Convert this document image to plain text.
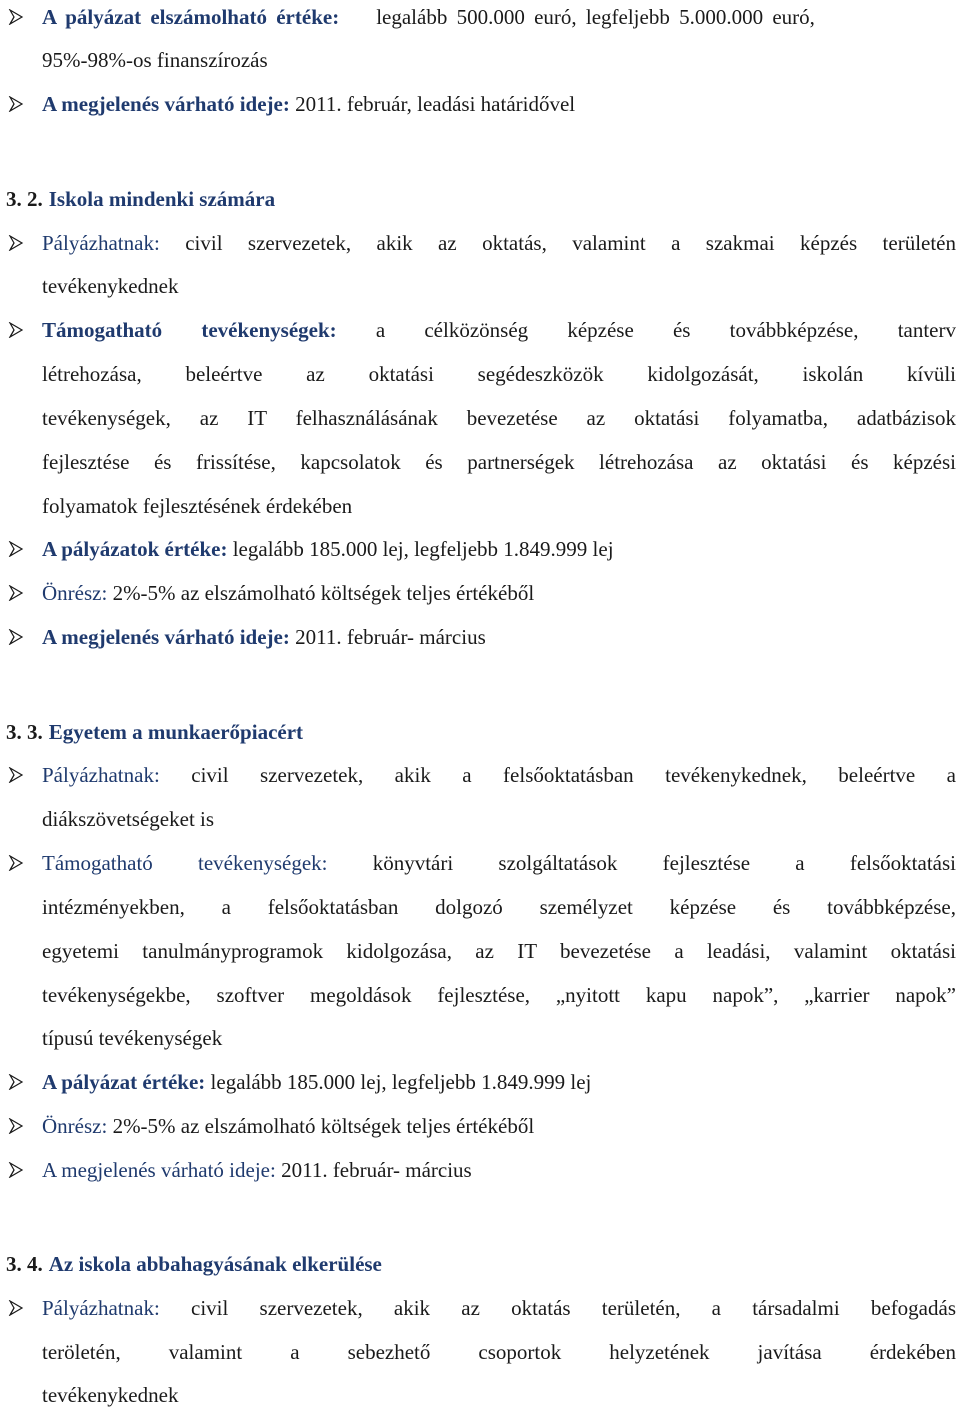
A pályázat elszámolható értéke: legalább 500.000 euró, legfeljebb 5.000.000 euró,
95%-98%-os finanszírozás
A megjelenés várható ideje: 2011. február, leadási határidővel
3. 2. Iskola mindenki számára
Pályázhatnak: civil szervezetek, akik az oktatás, valamint a szakmai képzés területén
tevékenykednek
Támogatható tevékenységek: a célközönség képzése és továbbképzése, tanterv
létrehozása, beleértve az oktatási segédeszközök kidolgozását, iskolán kívüli
tevékenységek, az IT felhasználásának bevezetése az oktatási folyamatba, adatbázisok
fejlesztése és frissítése, kapcsolatok és partnerségek létrehozása az oktatási és képzési
folyamatok fejlesztésének érdekében
A pályázatok értéke: legalább 185.000 lej, legfeljebb 1.849.999 lej
Önrész: 2%-5% az elszámolható költségek teljes értékéből
A megjelenés várható ideje: 2011. február- március
3. 3. Egyetem a munkaerőpiacért
Pályázhatnak: civil szervezetek, akik a felsőoktatásban tevékenykednek, beleértve a
diákszövetségeket is
Támogatható tevékenységek: könyvtári szolgáltatások fejlesztése a felsőoktatási
intézményekben, a felsőoktatásban dolgozó személyzet képzése és továbbképzése,
egyetemi tanulmányprogramok kidolgozása, az IT bevezetése a leadási, valamint oktatási
tevékenységekbe, szoftver megoldások fejlesztése, „nyitott kapu napok”, „karrier napok”
típusú tevékenységek
A pályázat értéke: legalább 185.000 lej, legfeljebb 1.849.999 lej
Önrész: 2%-5% az elszámolható költségek teljes értékéből
A megjelenés várható ideje: 2011. február- március
3. 4. Az iskola abbahagyásának elkerülése
Pályázhatnak: civil szervezetek, akik az oktatás területén, a társadalmi befogadás
teröletén, valamint a sebezhető csoportok helyzetének javítása érdekében
tevékenykednek
